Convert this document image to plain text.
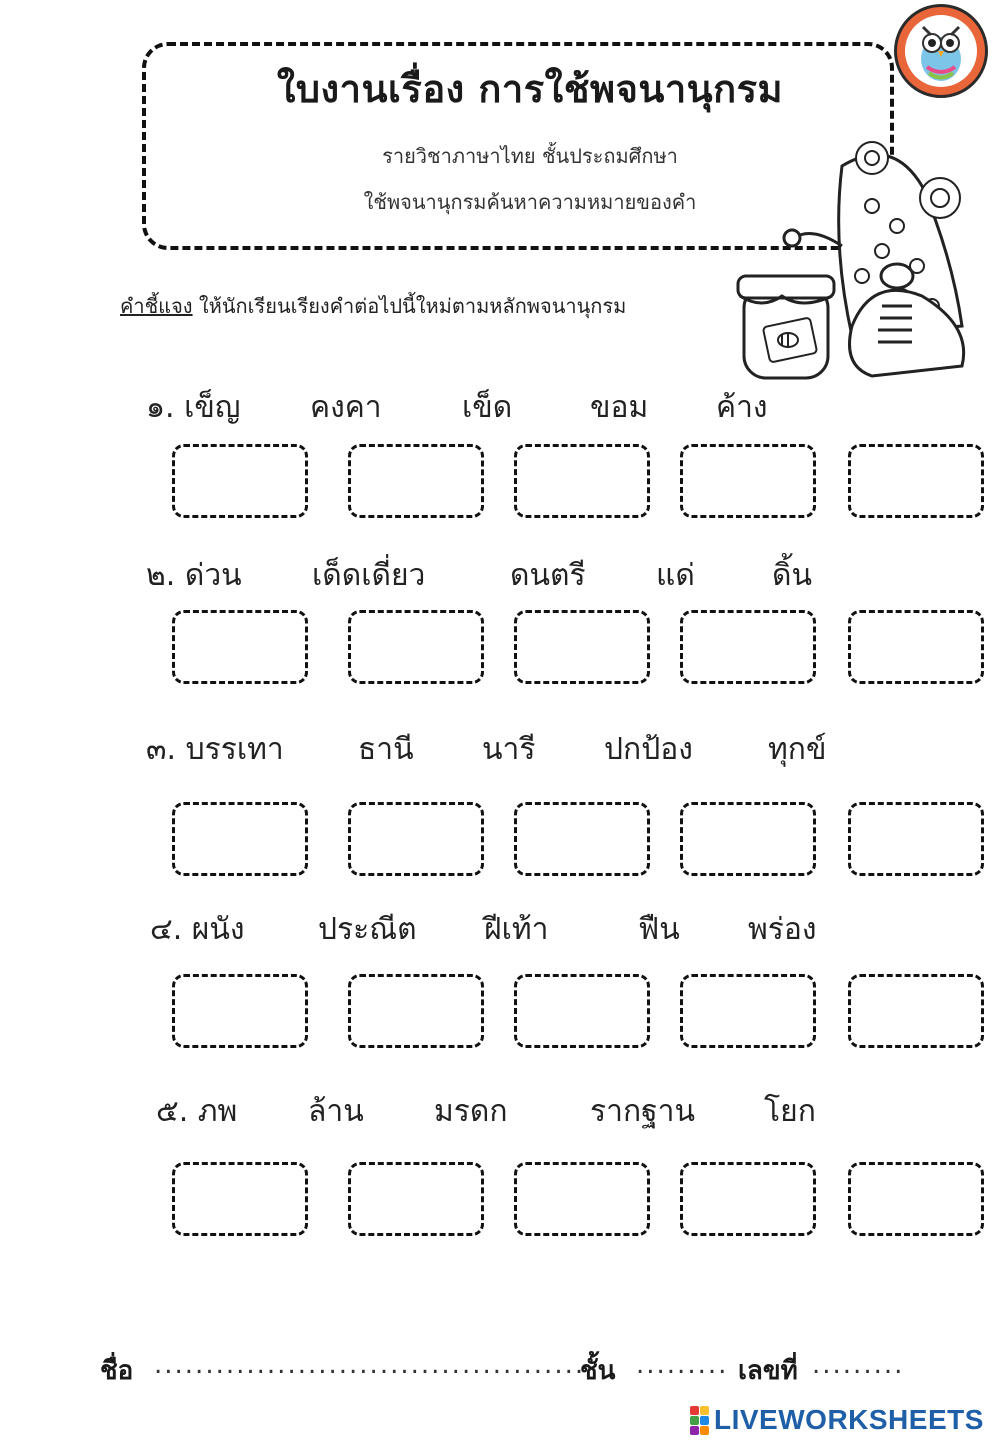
ใบงานเรื่อง การใช้พจนานุกรม
รายวิชาภาษาไทย ชั้นประถมศึกษา
ใช้พจนานุกรมค้นหาความหมายของคำ
คำชี้แจง ให้นักเรียนเรียงคำต่อไปนี้ใหม่ตามหลักพจนานุกรม
๑. เข็ญ คงคา	เข็ด	ขอม ค้าง
๒. ด่วน เด็ดเดี่ยว	ดนตรี แด่	ดิ้น
๓. บรรเทา ธานี นารี ปกป้อง	ทุกข์
๔. ผนัง ประณีต ฝีเท้า	ฟืน พร่อง
๕. ภพ ล้าน มรดก	รากฐาน โยก
ชื่อ ..........................................
ชั้น ......... เลขที่ .........
LIVEWORKSHEETS
